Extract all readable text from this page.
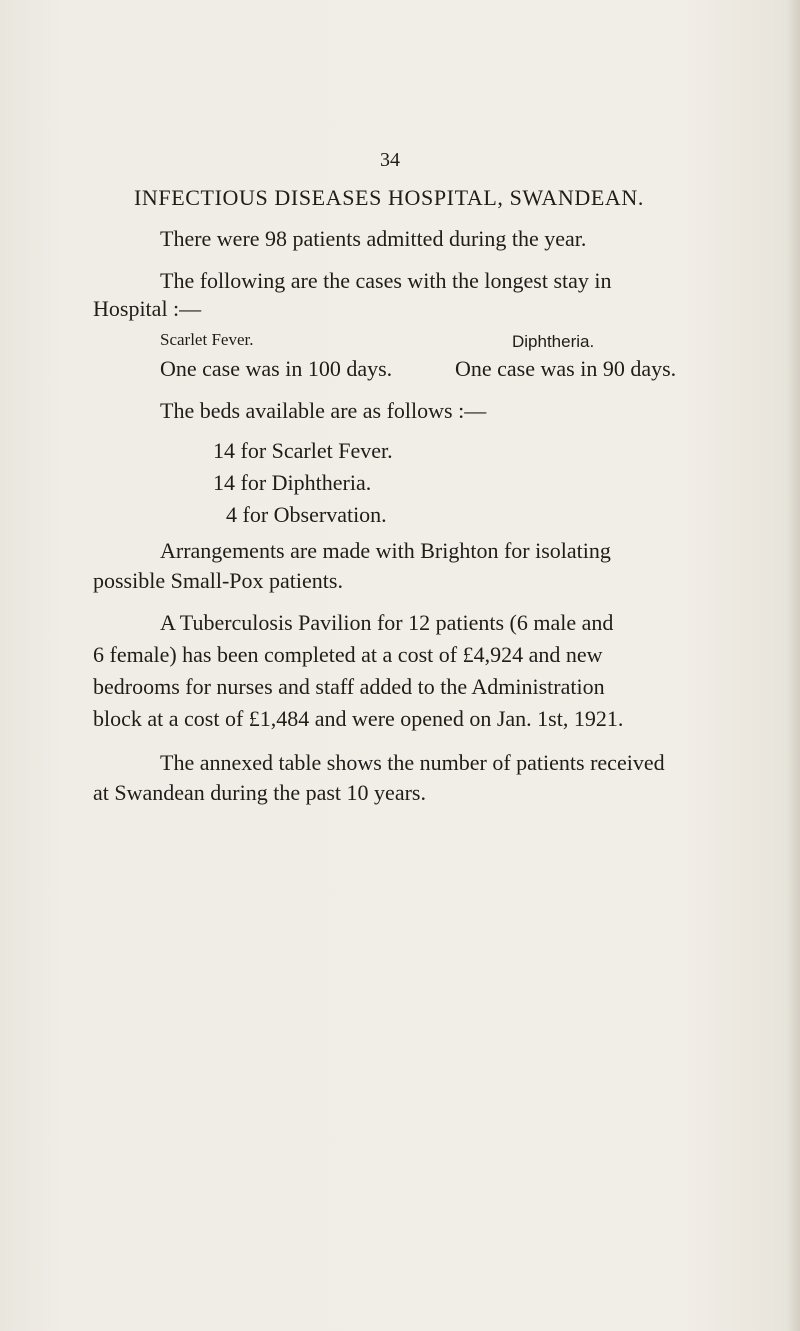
34
INFECTIOUS DISEASES HOSPITAL, SWANDEAN.
There were 98 patients admitted during the year.
The following are the cases with the longest stay in
Hospital :—
Scarlet Fever.	Diphtheria.
One case was in 100 days.	One case was in 90 days.
The beds available are as follows :—
14 for Scarlet Fever.
14 for Diphtheria.
4 for Observation.
Arrangements are made with Brighton for isolating
possible Small-Pox patients.
A Tuberculosis Pavilion for 12 patients (6 male and
6 female) has been completed at a cost of £4,924 and new
bedrooms for nurses and staff added to the Administration
block at a cost of £1,484 and were opened on Jan. 1st, 1921.
The annexed table shows the number of patients received
at Swandean during the past 10 years.
